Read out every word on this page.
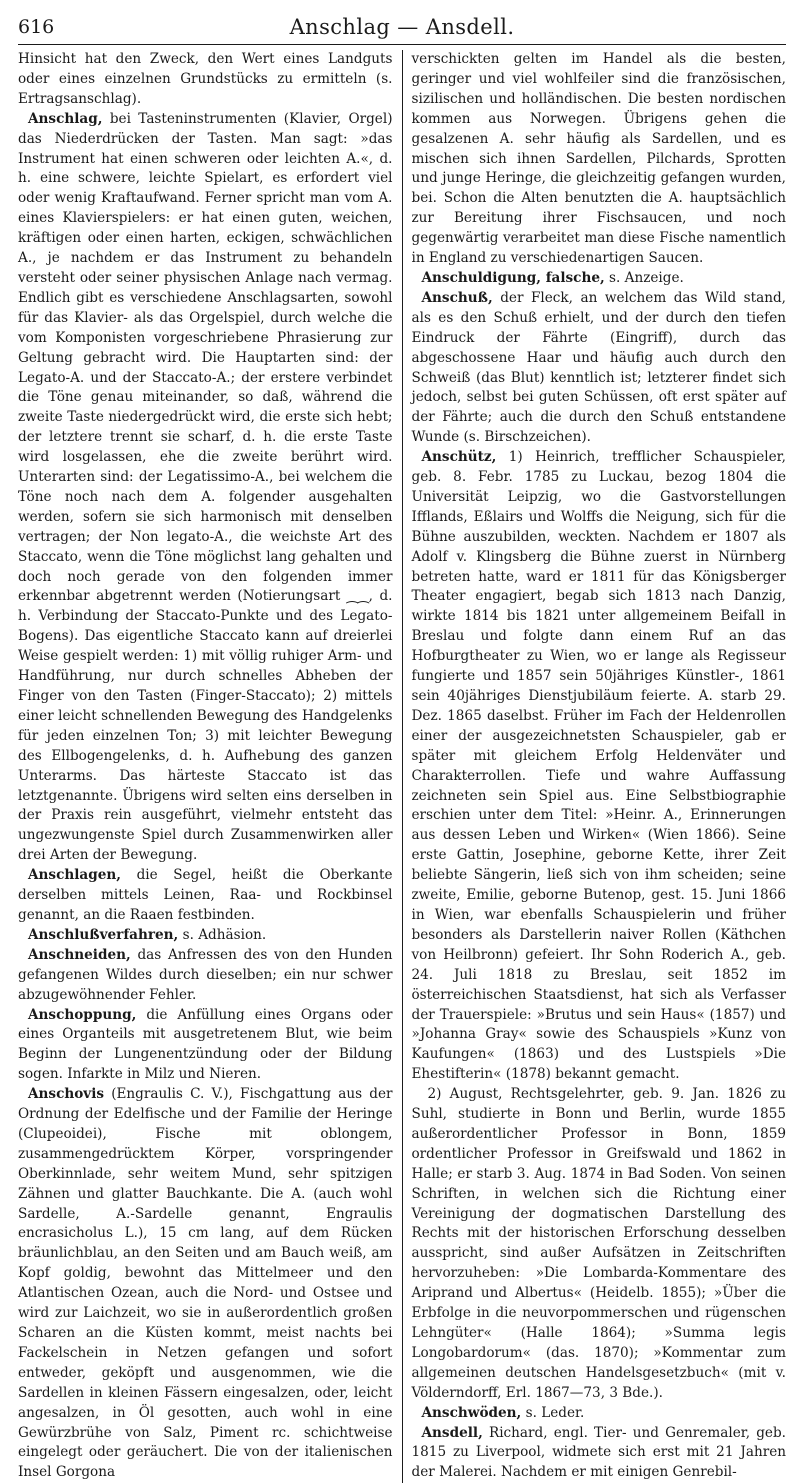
616	Anschlag — Ansdell.

Hinsicht hat den Zweck, den Wert eines Landguts oder eines einzelnen Grundstücks zu ermitteln (s. Ertragsanschlag).

Anschlag, bei Tasteninstrumenten (Klavier, Orgel) das Niederdrücken der Tasten. Man sagt: »das Instrument hat einen schweren oder leichten A.«, d. h. eine schwere, leichte Spielart, es erfordert viel oder wenig Kraftaufwand. Ferner spricht man vom A. eines Klavierspielers: er hat einen guten, weichen, kräftigen oder einen harten, eckigen, schwächlichen A., je nachdem er das Instrument zu behandeln versteht oder seiner physischen Anlage nach vermag. Endlich gibt es verschiedene Anschlagsarten, sowohl für das Klavier- als das Orgelspiel, durch welche die vom Komponisten vorgeschriebene Phrasierung zur Geltung gebracht wird. Die Hauptarten sind: der Legato-A. und der Staccato-A.; der erstere verbindet die Töne genau miteinander, so daß, während die zweite Taste niedergedrückt wird, die erste sich hebt; der letztere trennt sie scharf, d. h. die erste Taste wird losgelassen, ehe die zweite berührt wird. Unterarten sind: der Legatissimo-A., bei welchem die Töne noch nach dem A. folgender ausgehalten werden, sofern sie sich harmonisch mit denselben vertragen; der Non legato-A., die weichste Art des Staccato, wenn die Töne möglichst lang gehalten und doch noch gerade von den folgenden immer erkennbar abgetrennt werden (Notierungsart ⁔⁔, d. h. Verbindung der Staccato-Punkte und des Legato-Bogens). Das eigentliche Staccato kann auf dreierlei Weise gespielt werden: 1) mit völlig ruhiger Arm- und Handführung, nur durch schnelles Abheben der Finger von den Tasten (Finger-Staccato); 2) mittels einer leicht schnellenden Bewegung des Handgelenks für jeden einzelnen Ton; 3) mit leichter Bewegung des Ellbogengelenks, d. h. Aufhebung des ganzen Unterarms. Das härteste Staccato ist das letztgenannte. Übrigens wird selten eins derselben in der Praxis rein ausgeführt, vielmehr entsteht das ungezwungenste Spiel durch Zusammenwirken aller drei Arten der Bewegung.

Anschlagen, die Segel, heißt die Oberkante derselben mittels Leinen, Raa- und Rockbinsel genannt, an die Raaen festbinden.

Anschlußverfahren, s. Adhäsion.

Anschneiden, das Anfressen des von den Hunden gefangenen Wildes durch dieselben; ein nur schwer abzugewöhnender Fehler.

Anschoppung, die Anfüllung eines Organs oder eines Organteils mit ausgetretenem Blut, wie beim Beginn der Lungenentzündung oder der Bildung sogen. Infarkte in Milz und Nieren.

Anschovis (Engraulis C. V.), Fischgattung aus der Ordnung der Edelfische und der Familie der Heringe (Clupeoidei), Fische mit oblongem, zusammengedrücktem Körper, vorspringender Oberkinnlade, sehr weitem Mund, sehr spitzigen Zähnen und glatter Bauchkante. Die A. (auch wohl Sardelle, A.-Sardelle genannt, Engraulis encrasicholus L.), 15 cm lang, auf dem Rücken bräunlichblau, an den Seiten und am Bauch weiß, am Kopf goldig, bewohnt das Mittelmeer und den Atlantischen Ozean, auch die Nord- und Ostsee und wird zur Laichzeit, wo sie in außerordentlich großen Scharen an die Küsten kommt, meist nachts bei Fackelschein in Netzen gefangen und sofort entweder, geköpft und ausgenommen, wie die Sardellen in kleinen Fässern eingesalzen, oder, leicht angesalzen, in Öl gesotten, auch wohl in eine Gewürzbrühe von Salz, Piment rc. schichtweise eingelegt oder geräuchert. Die von der italienischen Insel Gorgona

verschickten gelten im Handel als die besten, geringer und viel wohlfeiler sind die französischen, sizilischen und holländischen. Die besten nordischen kommen aus Norwegen. Übrigens gehen die gesalzenen A. sehr häufig als Sardellen, und es mischen sich ihnen Sardellen, Pilchards, Sprotten und junge Heringe, die gleichzeitig gefangen wurden, bei. Schon die Alten benutzten die A. hauptsächlich zur Bereitung ihrer Fischsaucen, und noch gegenwärtig verarbeitet man diese Fische namentlich in England zu verschiedenartigen Saucen.

Anschuldigung, falsche, s. Anzeige.

Anschuß, der Fleck, an welchem das Wild stand, als es den Schuß erhielt, und der durch den tiefen Eindruck der Fährte (Eingriff), durch das abgeschossene Haar und häufig auch durch den Schweiß (das Blut) kenntlich ist; letzterer findet sich jedoch, selbst bei guten Schüssen, oft erst später auf der Fährte; auch die durch den Schuß entstandene Wunde (s. Birschzeichen).

Anschütz, 1) Heinrich, trefflicher Schauspieler, geb. 8. Febr. 1785 zu Luckau, bezog 1804 die Universität Leipzig, wo die Gastvorstellungen Ifflands, Eßlairs und Wolffs die Neigung, sich für die Bühne auszubilden, weckten. Nachdem er 1807 als Adolf v. Klingsberg die Bühne zuerst in Nürnberg betreten hatte, ward er 1811 für das Königsberger Theater engagiert, begab sich 1813 nach Danzig, wirkte 1814 bis 1821 unter allgemeinem Beifall in Breslau und folgte dann einem Ruf an das Hofburgtheater zu Wien, wo er lange als Regisseur fungierte und 1857 sein 50jähriges Künstler-, 1861 sein 40jähriges Dienstjubiläum feierte. A. starb 29. Dez. 1865 daselbst. Früher im Fach der Heldenrollen einer der ausgezeichnetsten Schauspieler, gab er später mit gleichem Erfolg Heldenväter und Charakterrollen. Tiefe und wahre Auffassung zeichneten sein Spiel aus. Eine Selbstbiographie erschien unter dem Titel: »Heinr. A., Erinnerungen aus dessen Leben und Wirken« (Wien 1866). Seine erste Gattin, Josephine, geborne Kette, ihrer Zeit beliebte Sängerin, ließ sich von ihm scheiden; seine zweite, Emilie, geborne Butenop, gest. 15. Juni 1866 in Wien, war ebenfalls Schauspielerin und früher besonders als Darstellerin naiver Rollen (Käthchen von Heilbronn) gefeiert. Ihr Sohn Roderich A., geb. 24. Juli 1818 zu Breslau, seit 1852 im österreichischen Staatsdienst, hat sich als Verfasser der Trauerspiele: »Brutus und sein Haus« (1857) und »Johanna Gray« sowie des Schauspiels »Kunz von Kaufungen« (1863) und des Lustspiels »Die Ehestifterin« (1878) bekannt gemacht.

2) August, Rechtsgelehrter, geb. 9. Jan. 1826 zu Suhl, studierte in Bonn und Berlin, wurde 1855 außerordentlicher Professor in Bonn, 1859 ordentlicher Professor in Greifswald und 1862 in Halle; er starb 3. Aug. 1874 in Bad Soden. Von seinen Schriften, in welchen sich die Richtung einer Vereinigung der dogmatischen Darstellung des Rechts mit der historischen Erforschung desselben ausspricht, sind außer Aufsätzen in Zeitschriften hervorzuheben: »Die Lombarda-Kommentare des Ariprand und Albertus« (Heidelb. 1855); »Über die Erbfolge in die neuvorpommerschen und rügenschen Lehngüter« (Halle 1864); »Summa legis Longobardorum« (das. 1870); »Kommentar zum allgemeinen deutschen Handelsgesetzbuch« (mit v. Völderndorff, Erl. 1867—73, 3 Bde.).

Anschwöden, s. Leder.

Ansdell, Richard, engl. Tier- und Genremaler, geb. 1815 zu Liverpool, widmete sich erst mit 21 Jahren der Malerei. Nachdem er mit einigen Genrebil-
